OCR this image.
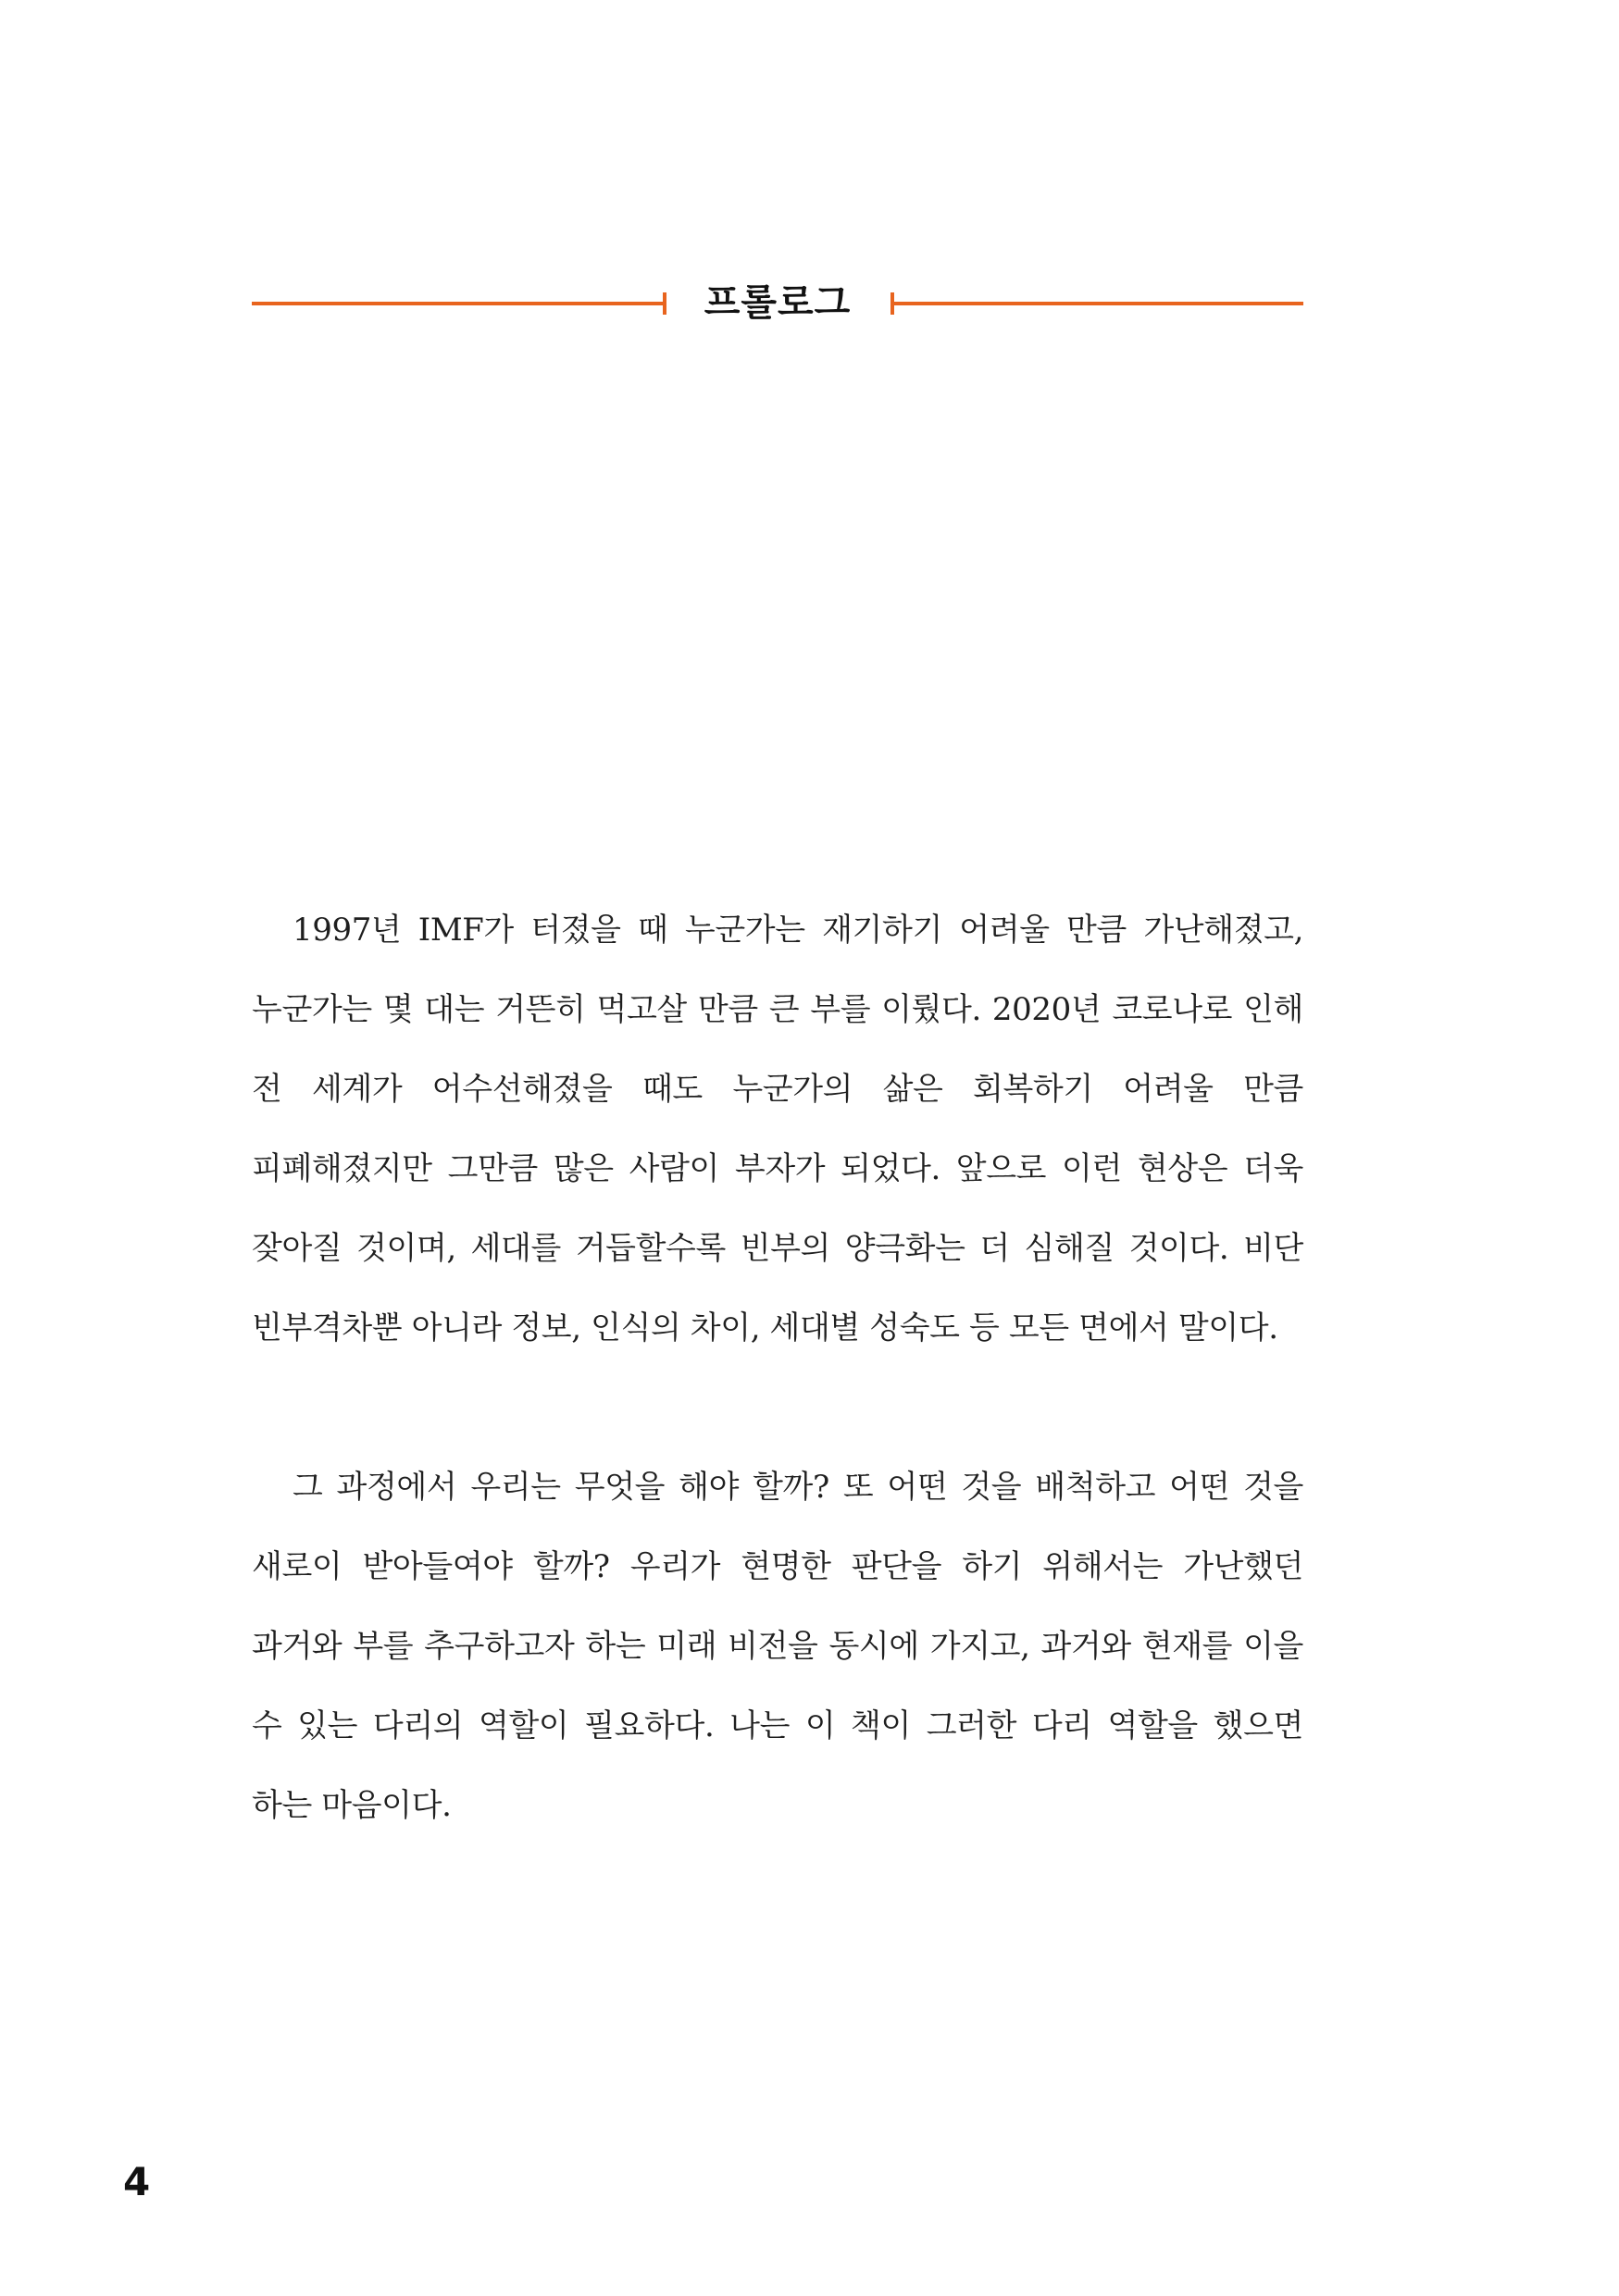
프롤로그

1997년 IMF가 터졌을 때 누군가는 재기하기 어려울 만큼 가난해졌고, 누군가는 몇 대는 거뜬히 먹고살 만큼 큰 부를 이뤘다. 2020년 코로나로 인해 전 세계가 어수선해졌을 때도 누군가의 삶은 회복하기 어려울 만큼 피폐해졌지만 그만큼 많은 사람이 부자가 되었다. 앞으로 이런 현상은 더욱 잦아질 것이며, 세대를 거듭할수록 빈부의 양극화는 더 심해질 것이다. 비단 빈부격차뿐 아니라 정보, 인식의 차이, 세대별 성숙도 등 모든 면에서 말이다.

그 과정에서 우리는 무엇을 해야 할까? 또 어떤 것을 배척하고 어떤 것을 새로이 받아들여야 할까? 우리가 현명한 판단을 하기 위해서는 가난했던 과거와 부를 추구하고자 하는 미래 비전을 동시에 가지고, 과거와 현재를 이을 수 있는 다리의 역할이 필요하다. 나는 이 책이 그러한 다리 역할을 했으면 하는 마음이다.

4
